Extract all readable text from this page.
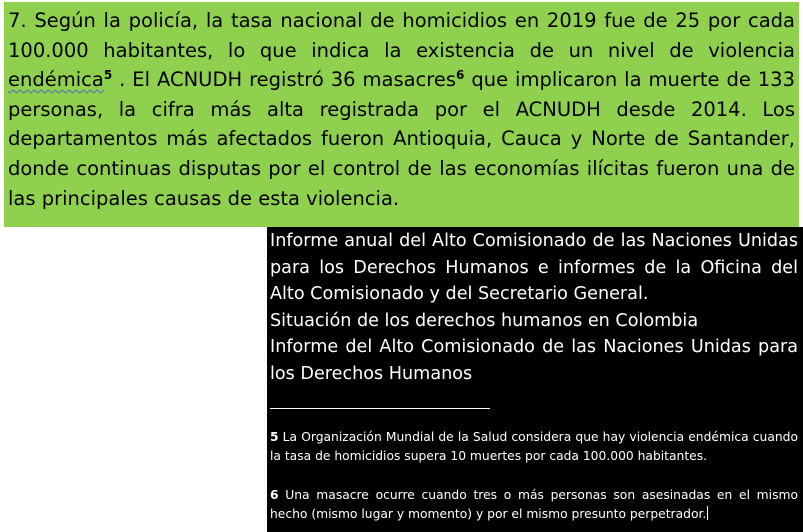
7. Según la policía, la tasa nacional de homicidios en 2019 fue de 25 por cada 100.000 habitantes, lo que indica la existencia de un nivel de violencia endémica$^5$ . El ACNUDH registró 36 masacres$^6$ que implicaron la muerte de 133 personas, la cifra más alta registrada por el ACNUDH desde 2014. Los departamentos más afectados fueron Antioquia, Cauca y Norte de Santander, donde continuas disputas por el control de las economías ilícitas fueron una de las principales causas de esta violencia.

Informe anual del Alto Comisionado de las Naciones Unidas para los Derechos Humanos e informes de la Oficina del Alto Comisionado y del Secretario General.

Situación de los derechos humanos en Colombia

Informe del Alto Comisionado de las Naciones Unidas para los Derechos Humanos

5 La Organización Mundial de la Salud considera que hay violencia endémica cuando la tasa de homicidios supera 10 muertes por cada 100.000 habitantes.

6 Una masacre ocurre cuando tres o más personas son asesinadas en el mismo hecho (mismo lugar y momento) y por el mismo presunto perpetrador.
